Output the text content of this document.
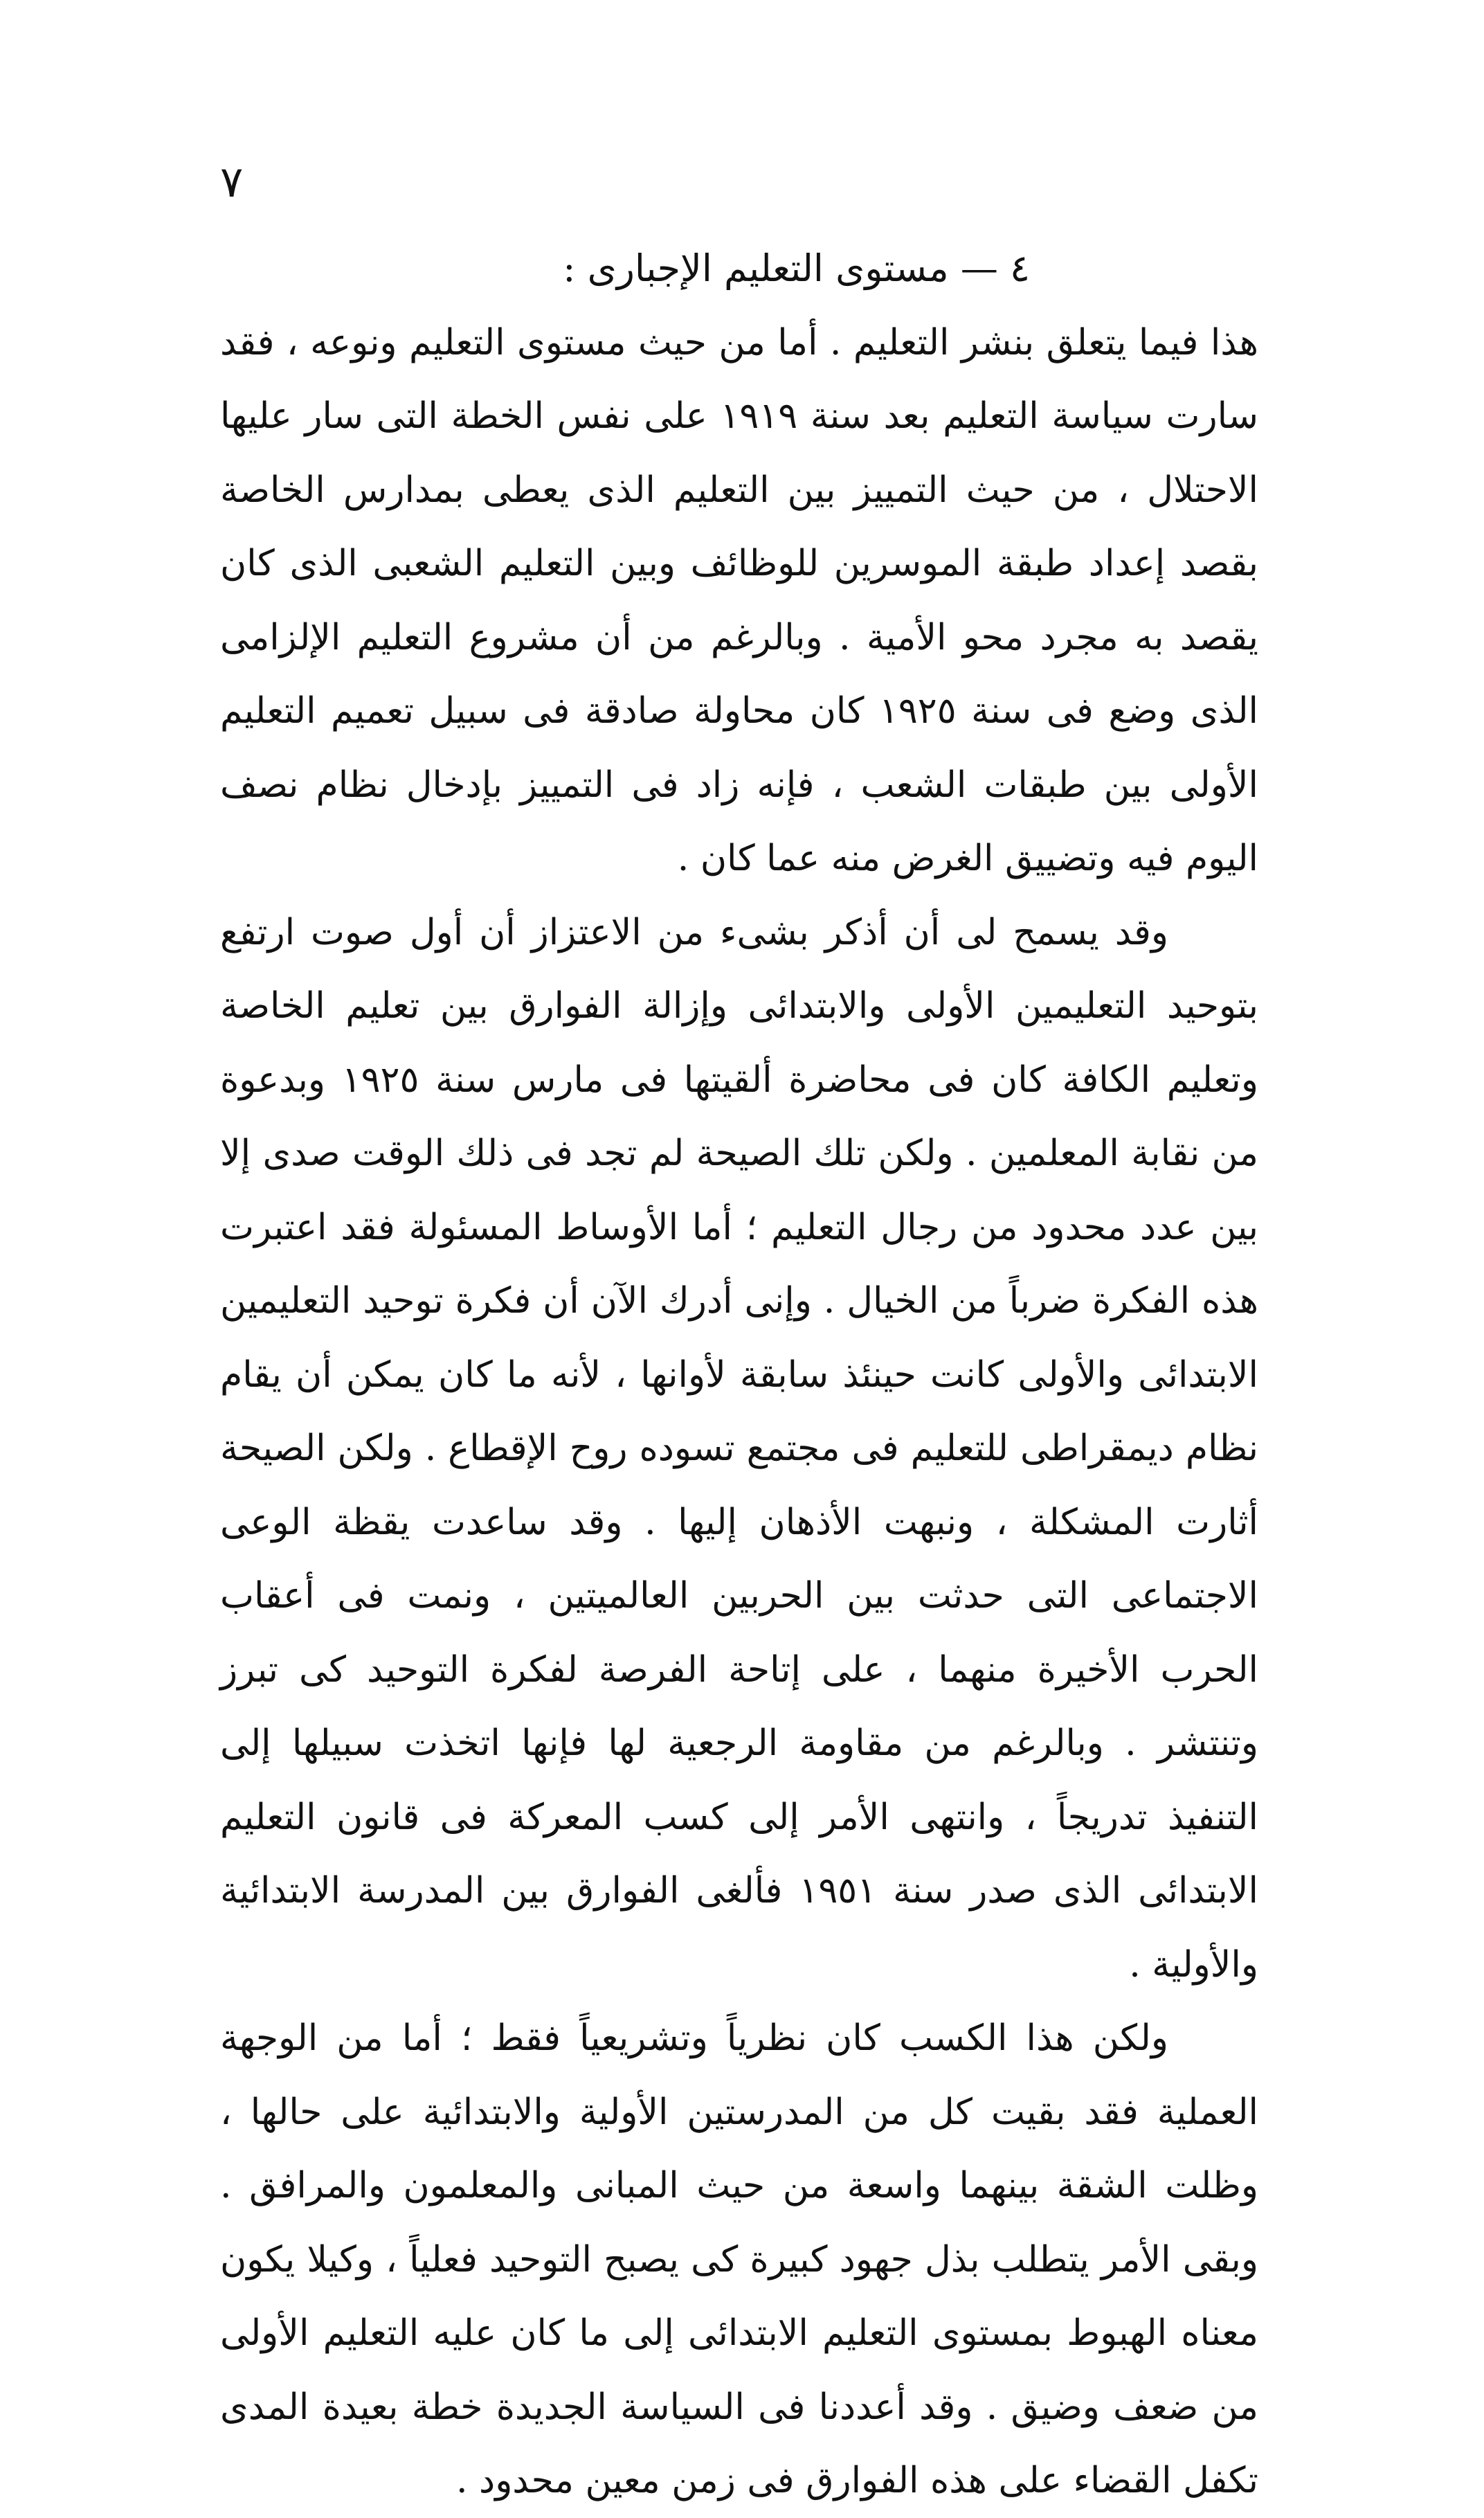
٧
٤ — مستوى التعليم الإجبارى :

هذا فيما يتعلق بنشر التعليم . أما من حيث مستوى التعليم ونوعه ، فقد سارت سياسة التعليم بعد سنة ١٩١٩ على نفس الخطة التى سار عليها الاحتلال ، من حيث التمييز بين التعليم الذى يعطى بمدارس الخاصة بقصد إعداد طبقة الموسرين للوظائف وبين التعليم الشعبى الذى كان يقصد به مجرد محو الأمية . وبالرغم من أن مشروع التعليم الإلزامى الذى وضع فى سنة ١٩٢٥ كان محاولة صادقة فى سبيل تعميم التعليم الأولى بين طبقات الشعب ، فإنه زاد فى التمييز بإدخال نظام نصف اليوم فيه وتضييق الغرض منه عما كان .

وقد يسمح لى أن أذكر بشىء من الاعتزاز أن أول صوت ارتفع بتوحيد التعليمين الأولى والابتدائى وإزالة الفوارق بين تعليم الخاصة وتعليم الكافة كان فى محاضرة ألقيتها فى مارس سنة ١٩٢٥ وبدعوة من نقابة المعلمين . ولكن تلك الصيحة لم تجد فى ذلك الوقت صدى إلا بين عدد محدود من رجال التعليم ؛ أما الأوساط المسئولة فقد اعتبرت هذه الفكرة ضرباً من الخيال . وإنى أدرك الآن أن فكرة توحيد التعليمين الابتدائى والأولى كانت حينئذ سابقة لأوانها ، لأنه ما كان يمكن أن يقام نظام ديمقراطى للتعليم فى مجتمع تسوده روح الإقطاع . ولكن الصيحة أثارت المشكلة ، ونبهت الأذهان إليها . وقد ساعدت يقظة الوعى الاجتماعى التى حدثت بين الحربين العالميتين ، ونمت فى أعقاب الحرب الأخيرة منهما ، على إتاحة الفرصة لفكرة التوحيد كى تبرز وتنتشر . وبالرغم من مقاومة الرجعية لها فإنها اتخذت سبيلها إلى التنفيذ تدريجاً ، وانتهى الأمر إلى كسب المعركة فى قانون التعليم الابتدائى الذى صدر سنة ١٩٥١ فألغى الفوارق بين المدرسة الابتدائية والأولية .

ولكن هذا الكسب كان نظرياً وتشريعياً فقط ؛ أما من الوجهة العملية فقد بقيت كل من المدرستين الأولية والابتدائية على حالها ، وظلت الشقة بينهما واسعة من حيث المبانى والمعلمون والمرافق . وبقى الأمر يتطلب بذل جهود كبيرة كى يصبح التوحيد فعلياً ، وكيلا يكون معناه الهبوط بمستوى التعليم الابتدائى إلى ما كان عليه التعليم الأولى من ضعف وضيق . وقد أعددنا فى السياسة الجديدة خطة بعيدة المدى تكفل القضاء على هذه الفوارق فى زمن معين محدود .
